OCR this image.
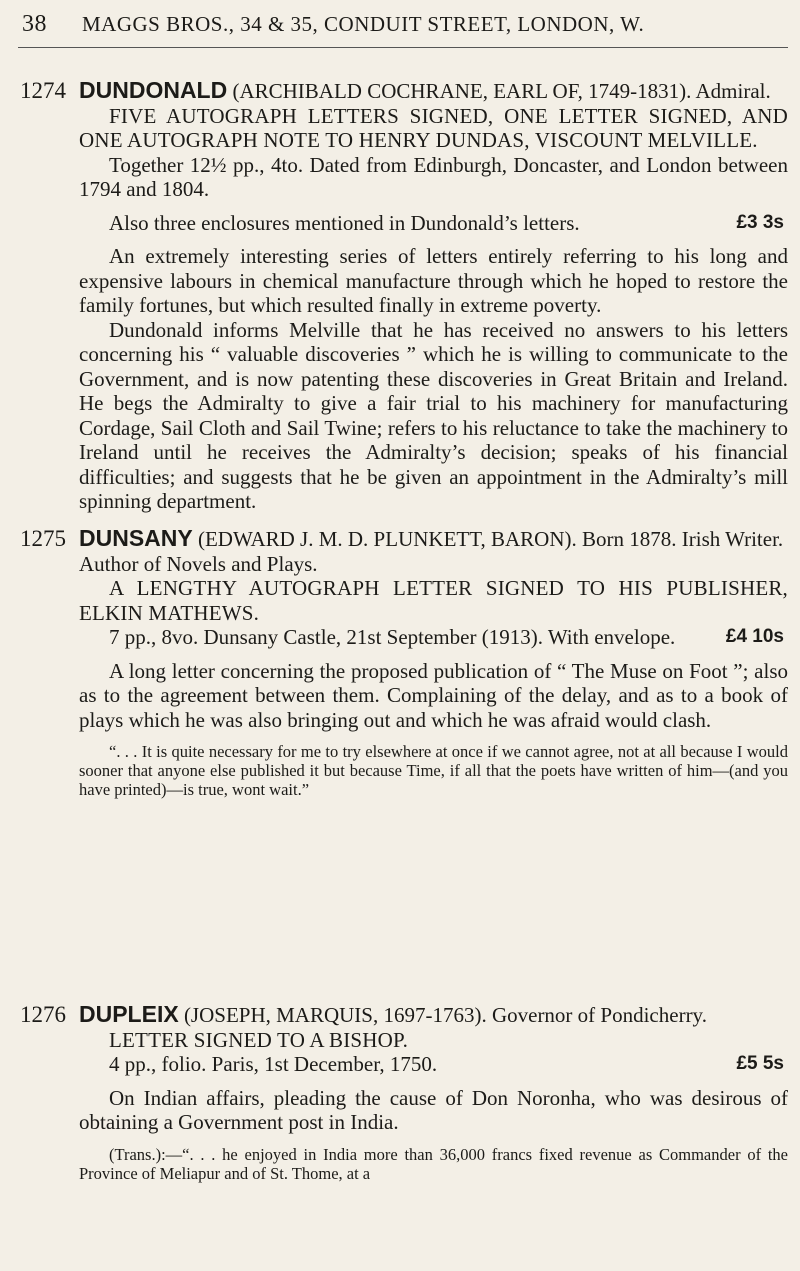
38	MAGGS BROS., 34 & 35, CONDUIT STREET, LONDON, W.
1274 DUNDONALD (ARCHIBALD COCHRANE, EARL OF, 1749-1831). Admiral.
FIVE AUTOGRAPH LETTERS SIGNED, ONE LETTER SIGNED, AND ONE AUTOGRAPH NOTE TO HENRY DUNDAS, VISCOUNT MELVILLE.
Together 12½ pp., 4to. Dated from Edinburgh, Doncaster, and London between 1794 and 1804.
£3 3s
Also three enclosures mentioned in Dundonald’s letters.
An extremely interesting series of letters entirely referring to his long and expensive labours in chemical manufacture through which he hoped to restore the family fortunes, but which resulted finally in extreme poverty.
Dundonald informs Melville that he has received no answers to his letters concerning his “ valuable discoveries ” which he is willing to communicate to the Government, and is now patenting these discoveries in Great Britain and Ireland. He begs the Admiralty to give a fair trial to his machinery for manufacturing Cordage, Sail Cloth and Sail Twine; refers to his reluctance to take the machinery to Ireland until he receives the Admiralty’s decision; speaks of his financial difficulties; and suggests that he be given an appointment in the Admiralty’s mill spinning department.
1275 DUNSANY (EDWARD J. M. D. PLUNKETT, BARON). Born 1878. Irish Writer. Author of Novels and Plays.
A LENGTHY AUTOGRAPH LETTER SIGNED TO HIS PUBLISHER, ELKIN MATHEWS.
7 pp., 8vo. Dunsany Castle, 21st September (1913). With envelope.	£4 10s
A long letter concerning the proposed publication of “ The Muse on Foot ”; also as to the agreement between them. Complaining of the delay, and as to a book of plays which he was also bringing out and which he was afraid would clash.
“. . . It is quite necessary for me to try elsewhere at once if we cannot agree, not at all because I would sooner that anyone else published it but because Time, if all that the poets have written of him—(and you have printed)—is true, wont wait.”
1276 DUPLEIX (JOSEPH, MARQUIS, 1697-1763). Governor of Pondicherry.
LETTER SIGNED TO A BISHOP.
£5 5s
4 pp., folio. Paris, 1st December, 1750.
On Indian affairs, pleading the cause of Don Noronha, who was desirous of obtaining a Government post in India.
(Trans.):—“. . . he enjoyed in India more than 36,000 francs fixed revenue as Commander of the Province of Meliapur and of St. Thome, at a
